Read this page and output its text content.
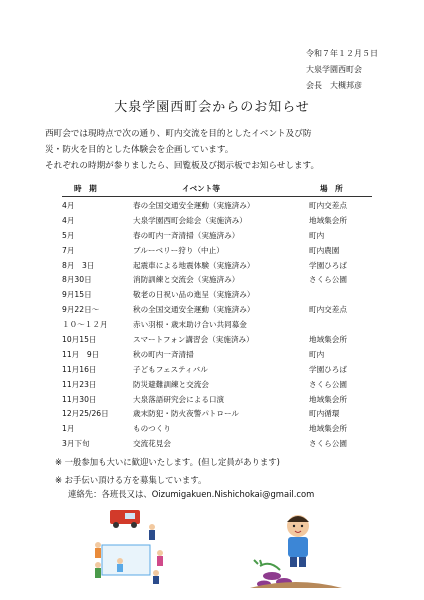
令和７年１２月５日
大泉学園西町会
会長　大槻邦彦
大泉学園西町会からのお知らせ
西町会では現時点で次の通り、町内交流を目的としたイベント及び防
災・防火を目的とした体験会を企画しています。
それぞれの時期が参りましたら、回覧板及び掲示板でお知らせします。
時　期	イベント等	場　所
4月	春の全国交通安全運動（実施済み）	町内交差点
4月	大泉学園西町会総会（実施済み）	地域集会所
5月	春の町内一斉清掃（実施済み）	町内
7月	ブルーベリー狩り（中止）	町内農園
8月　3日	起震車による地震体験（実施済み）	学園ひろば
8月30日	消防訓練と交流会（実施済み）	さくら公園
9月15日	敬老の日祝い品の進呈（実施済み）
9月22日～	秋の全国交通安全運動（実施済み）	町内交差点
１０～１２月	赤い羽根・歳末助け合い共同募金
10月15日	スマートフォン講習会（実施済み）	地域集会所
11月　9日	秋の町内一斉清掃	町内
11月16日	子どもフェスティバル	学園ひろば
11月23日	防災避難訓練と交流会	さくら公園
11月30日	大泉落語研究会による口演	地域集会所
12月25/26日	歳末防犯・防火夜警パトロール	町内循環
1月	ものつくり	地域集会所
3月下旬	交流花見会	さくら公園
※ 一般参加も大いに歓迎いたします。(但し定員があります)
※ お手伝い頂ける方を募集しています。
連絡先：各班長又は、Oizumigakuen.Nishichokai@gmail.com
